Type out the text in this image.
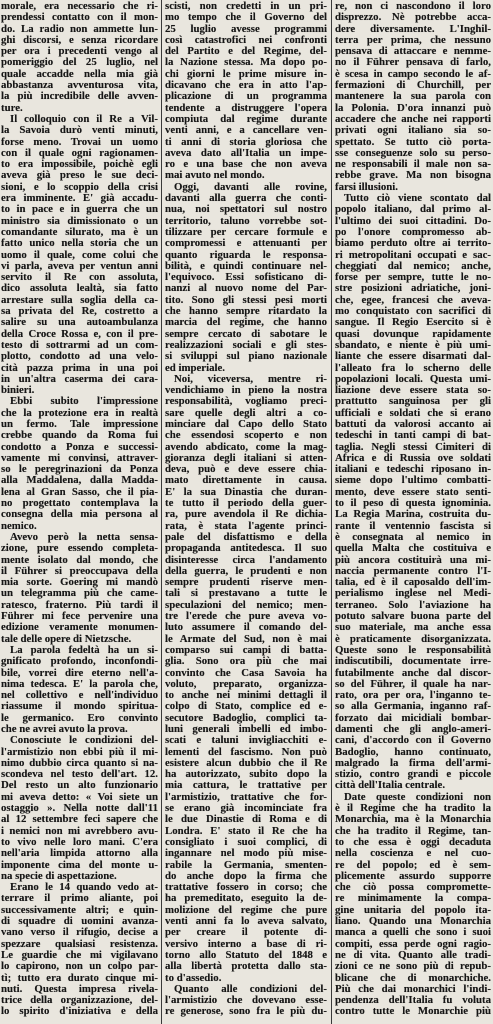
morale, era necessario che ri-
prendessi contatto con il mon-
do. La radio non ammette lun-
ghi discorsi, e senza ricordare
per ora i precedenti vengo al
pomeriggio del 25 luglio, nel
quale accadde nella mia già
abbastanza avventurosa vita,
la più incredibile delle avven-
ture.
Il colloquio con il Re a Vil-
la Savoia durò venti minuti,
forse meno. Trovai un uomo
con il quale ogni ragionamen-
to era impossibile, poichè egli
aveva già preso le sue deci-
sioni, e lo scoppio della crisi
era imminente. E' già accadu-
to in pace e in guerra che un
ministro sia dimissionato o un
comandante silurato, ma è un
fatto unico nella storia che un
uomo il quale, come colui che
vi parla, aveva per ventun anni
servito il Re con assoluta,
dico assoluta lealtà, sia fatto
arrestare sulla soglia della ca-
sa privata del Re, costretto a
salire su una autoambulanza
della Croce Rossa e, con il pre-
testo di sottrarmi ad un com-
plotto, condotto ad una velo-
cità pazza prima in una poi
in un'altra caserma dei cara-
binieri.
Ebbi subito l'impressione
che la protezione era in realtà
un fermo. Tale impressione
crebbe quando da Roma fui
condotto a Ponza e successi-
vamente mi convinsi, attraver-
so le peregrinazioni da Ponza
alla Maddalena, dalla Madda-
lena al Gran Sasso, che il pia-
no progettato contemplava la
consegna della mia persona al
nemico.
Avevo però la netta sensa-
zione, pure essendo completa-
mente isolato dal mondo, che
il Führer si preoccupava della
mia sorte. Goering mi mandò
un telegramma più che came-
ratesco, fraterno. Più tardi il
Führer mi fece pervenire una
edizione veramente monumen-
tale delle opere di Nietzsche.
La parola fedeltà ha un si-
gnificato profondo, inconfondi-
bile, vorrei dire eterno nell'a-
nima tedesca. E' la parola che,
nel collettivo e nell'individuo
riassume il mondo spiritua-
le germanico. Ero convinto
che ne avrei avuto la prova.
Conosciute le condizioni del-
l'armistizio non ebbi più il mi-
nimo dubbio circa quanto si na-
scondeva nel testo dell'art. 12.
Del resto un alto funzionario
mi aveva detto: « Voi siete un
ostaggio ». Nella notte dall'11
al 12 settembre feci sapere che
i nemici non mi avrebbero avu-
to vivo nelle loro mani. C'era
nell'aria limpida attorno alla
imponente cima del monte u-
na specie di aspettazione.
Erano le 14 quando vedo at-
terrare il primo aliante, poi
successivamente altri; e quin-
di squadre di uomini avanza-
vano verso il rifugio, decise a
spezzare qualsiasi resistenza.
Le guardie che mi vigilavano
lo capirono, non un colpo par-
tì; tutto era durato cinque mi-
nuti. Questa impresa rivela-
trice della organizzazione, del-
lo spirito d'iniziativa e della
scisti, non credetti in un pri-
mo tempo che il Governo del
25 luglio avesse programmi
così catastrofici nei confronti
del Partito e del Regime, del-
la Nazione stessa. Ma dopo po-
chi giorni le prime misure in-
dicavano che era in atto l'ap-
plicazione di un programma
tendente a distruggere l'opera
compiuta dal regime durante
venti anni, e a cancellare ven-
ti anni di storia gloriosa che
aveva dato all'Italia un impe-
ro e una base che non aveva
mai avuto nel mondo.
Oggi, davanti alle rovine,
davanti alla guerra che conti-
nua, noi spettatori sul nostro
territorio, taluno vorrebbe sot-
tilizzare per cercare formule e
compromessi e attenuanti per
quanto riguarda le responsa-
bilità, e quindi continuare nel-
l'equivoco. Essi sofisticano di-
nanzi al nuovo nome del Par-
tito. Sono gli stessi pesi morti
che hanno sempre ritardato la
marcia del regime, che hanno
sempre cercato di sabotare le
realizzazioni sociali e gli stes-
si sviluppi sul piano nazionale
ed imperiale.
Noi, viceversa, mentre ri-
vendichiamo in pieno la nostra
responsabilità, vogliamo preci-
sare quelle degli altri a co-
minciare dal Capo dello Stato
che essendosi scoperto e non
avendo abdicato, come la mag-
gioranza degli italiani si atten-
deva, può e deve essere chia-
mato direttamente in causa.
E' la sua Dinastia che duran-
te tutto il periodo della guer-
ra, pure avendola il Re dichia-
rata, è stata l'agente princi-
pale del disfattismo e della
propaganda antitedesca. Il suo
disinteresse circa l'andamento
della guerra, le prudenti e non
sempre prudenti riserve men-
tali si prestavano a tutte le
speculazioni del nemico; men-
tre l'erede che pure aveva vo-
luto assumere il comando del-
le Armate del Sud, non è mai
comparso sui campi di batta-
glia. Sono ora più che mai
convinto che Casa Savoia ha
voluto, preparato, organizza-
to anche nei minimi dettagli il
colpo di Stato, complice ed e-
secutore Badoglio, complici ta-
luni generali imbelli ed imbo-
scati e taluni invigliacchiti e-
lementi del fascismo. Non può
esistere alcun dubbio che il Re
ha autorizzato, subito dopo la
mia cattura, le trattative per
l'armistizio, trattative che for-
se erano già incominciate fra
le due Dinastie di Roma e di
Londra. E' stato il Re che ha
consigliato i suoi complici, di
ingannare nel modo più mise-
rabile la Germania, smenten-
do anche dopo la firma che
trattative fossero in corso; che
ha premeditato, eseguito la de-
molizione del regime che pure
venti anni fa lo aveva salvato,
per creare il potente di-
versivo interno a base di ri-
torno allo Statuto del 1848 e
alla libertà protetta dallo sta-
to d'assedio.
Quanto alle condizioni del-
l'armistizio che dovevano esse-
re generose, sono fra le più du-
re, non ci nascondono il loro
disprezzo. Nè potrebbe acca-
dere diversamente. L'Inghil-
terra per prima, che nessuno
pensava di attaccare e nemme-
no il Führer pensava di farlo,
è scesa in campo secondo le af-
fermazioni di Churchill, per
mantenere la sua parola con
la Polonia. D'ora innanzi può
accadere che anche nei rapporti
privati ogni italiano sia so-
spettato. Se tutto ciò porta-
sse conseguenze solo su perso-
ne responsabili il male non sa-
rebbe grave. Ma non bisogna
farsi illusioni.
Tutto ciò viene scontato dal
popolo italiano, dal primo al-
l'ultimo dei suoi cittadini. Do-
po l'onore compromesso ab-
biamo perduto oltre ai territo-
ri metropolitani occupati e sac-
cheggiati dal nemico; anche,
forse per sempre, tutte le no-
stre posizioni adriatiche, joni-
che, egee, francesi che aveva-
mo conquistato con sacrifici di
sangue. Il Regio Esercito si è
quasi dovunque rapidamente
sbandato, e niente è più umi-
liante che essere disarmati dal-
l'alleato fra lo scherno delle
popolazioni locali. Questa umi-
liazione deve essere stata so-
prattutto sanguinosa per gli
ufficiali e soldati che si erano
battuti da valorosi accanto ai
tedeschi in tanti campi di bat-
taglia. Negli stessi Cimiteri di
Africa e di Russia ove soldati
italiani e tedeschi riposano in-
sieme dopo l'ultimo combatti-
mento, deve essere stato senti-
to il peso di questa ignominia.
La Regia Marina, costruita du-
rante il ventennio fascista si
è consegnata al nemico in
quella Malta che costituiva e
più ancora costituirà una mi-
naccia permanente contro l'I-
talia, ed è il caposaldo dell'im-
perialismo inglese nel Medi-
terraneo. Solo l'aviazione ha
potuto salvare buona parte del
suo materiale, ma anche essa
è praticamente disorganizzata.
Queste sono le responsabilità
indiscutibili, documentate irre-
futabilmente anche dal discor-
so del Führer, il quale ha nar-
rato, ora per ora, l'inganno te-
so alla Germania, inganno raf-
forzato dai micidiali bombar-
damenti che gli anglo-ameri-
cani, d'accordo con il Governo
Badoglio, hanno continuato,
malgrado la firma dell'armi-
stizio, contro grandi e piccole
città dell'Italia centrale.
Date queste condizioni non
è il Regime che ha tradito la
Monarchia, ma è la Monarchia
che ha tradito il Regime, tan-
to che essa è oggi decaduta
nella coscienza e nel cuo-
re del popolo; ed è sem-
plicemente assurdo supporre
che ciò possa compromette-
re minimamente la compa-
gine unitaria del popolo ita-
liano. Quando una Monarchia
manca a quelli che sono i suoi
compiti, essa perde ogni ragio-
ne di vita. Quanto alle tradi-
zioni ce ne sono più di repub-
blicane che di monarchiche.
Più che dai monarchici l'indi-
pendenza dell'Italia fu voluta
contro tutte le Monarchie più
